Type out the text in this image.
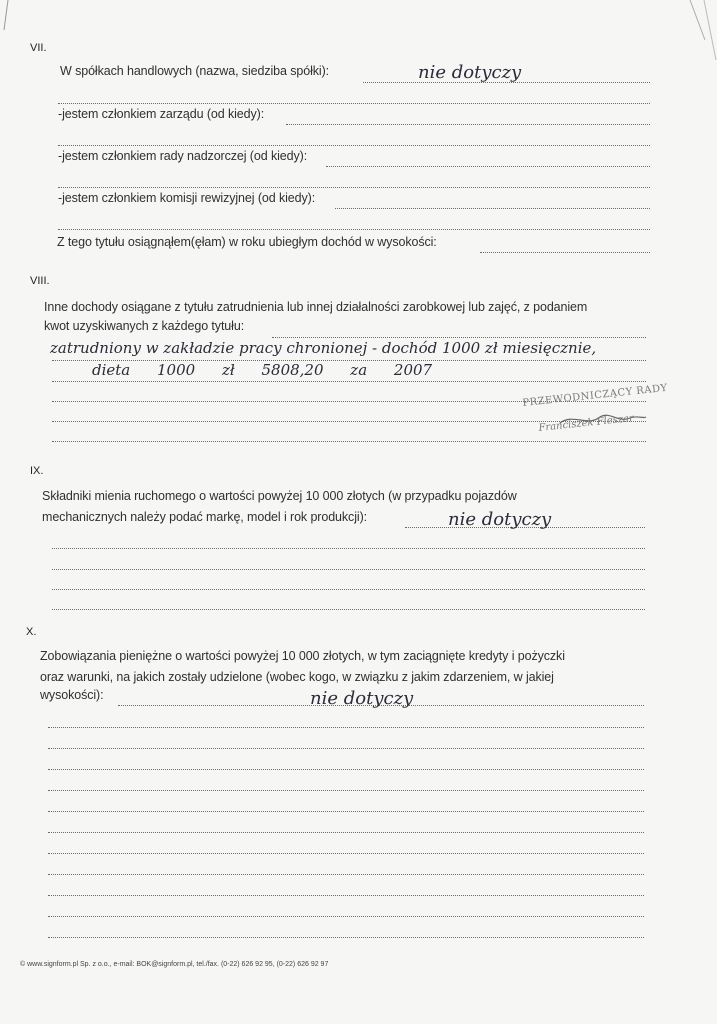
VII.
W spółkach handlowych (nazwa, siedziba spółki):	nie dotyczy
-jestem członkiem zarządu (od kiedy):
-jestem członkiem rady nadzorczej (od kiedy):
-jestem członkiem komisji rewizyjnej (od kiedy):
Z tego tytułu osiągnąłem(ęłam) w roku ubiegłym dochód w wysokości:
VIII.
Inne dochody osiągane z tytułu zatrudnienia lub innej działalności zarobkowej lub zajęć, z podaniem
kwot uzyskiwanych z każdego tytułu:
zatrudniony w zakładzie pracy chronionej - dochód 1000 zł miesięcznie,
dieta 1000 zł 5808,20 za 2007
PRZEWODNICZĄCY RADY
Franciszek Fleszar
IX.
Składniki mienia ruchomego o wartości powyżej 10 000 złotych (w przypadku pojazdów
mechanicznych należy podać markę, model i rok produkcji):	nie dotyczy
X.
Zobowiązania pieniężne o wartości powyżej 10 000 złotych, w tym zaciągnięte kredyty i pożyczki
oraz warunki, na jakich zostały udzielone (wobec kogo, w związku z jakim zdarzeniem, w jakiej
wysokości):	nie dotyczy
© www.signform.pl Sp. z o.o., e-mail: BOK@signform.pl, tel./fax. (0-22) 626 92 95, (0-22) 626 92 97
